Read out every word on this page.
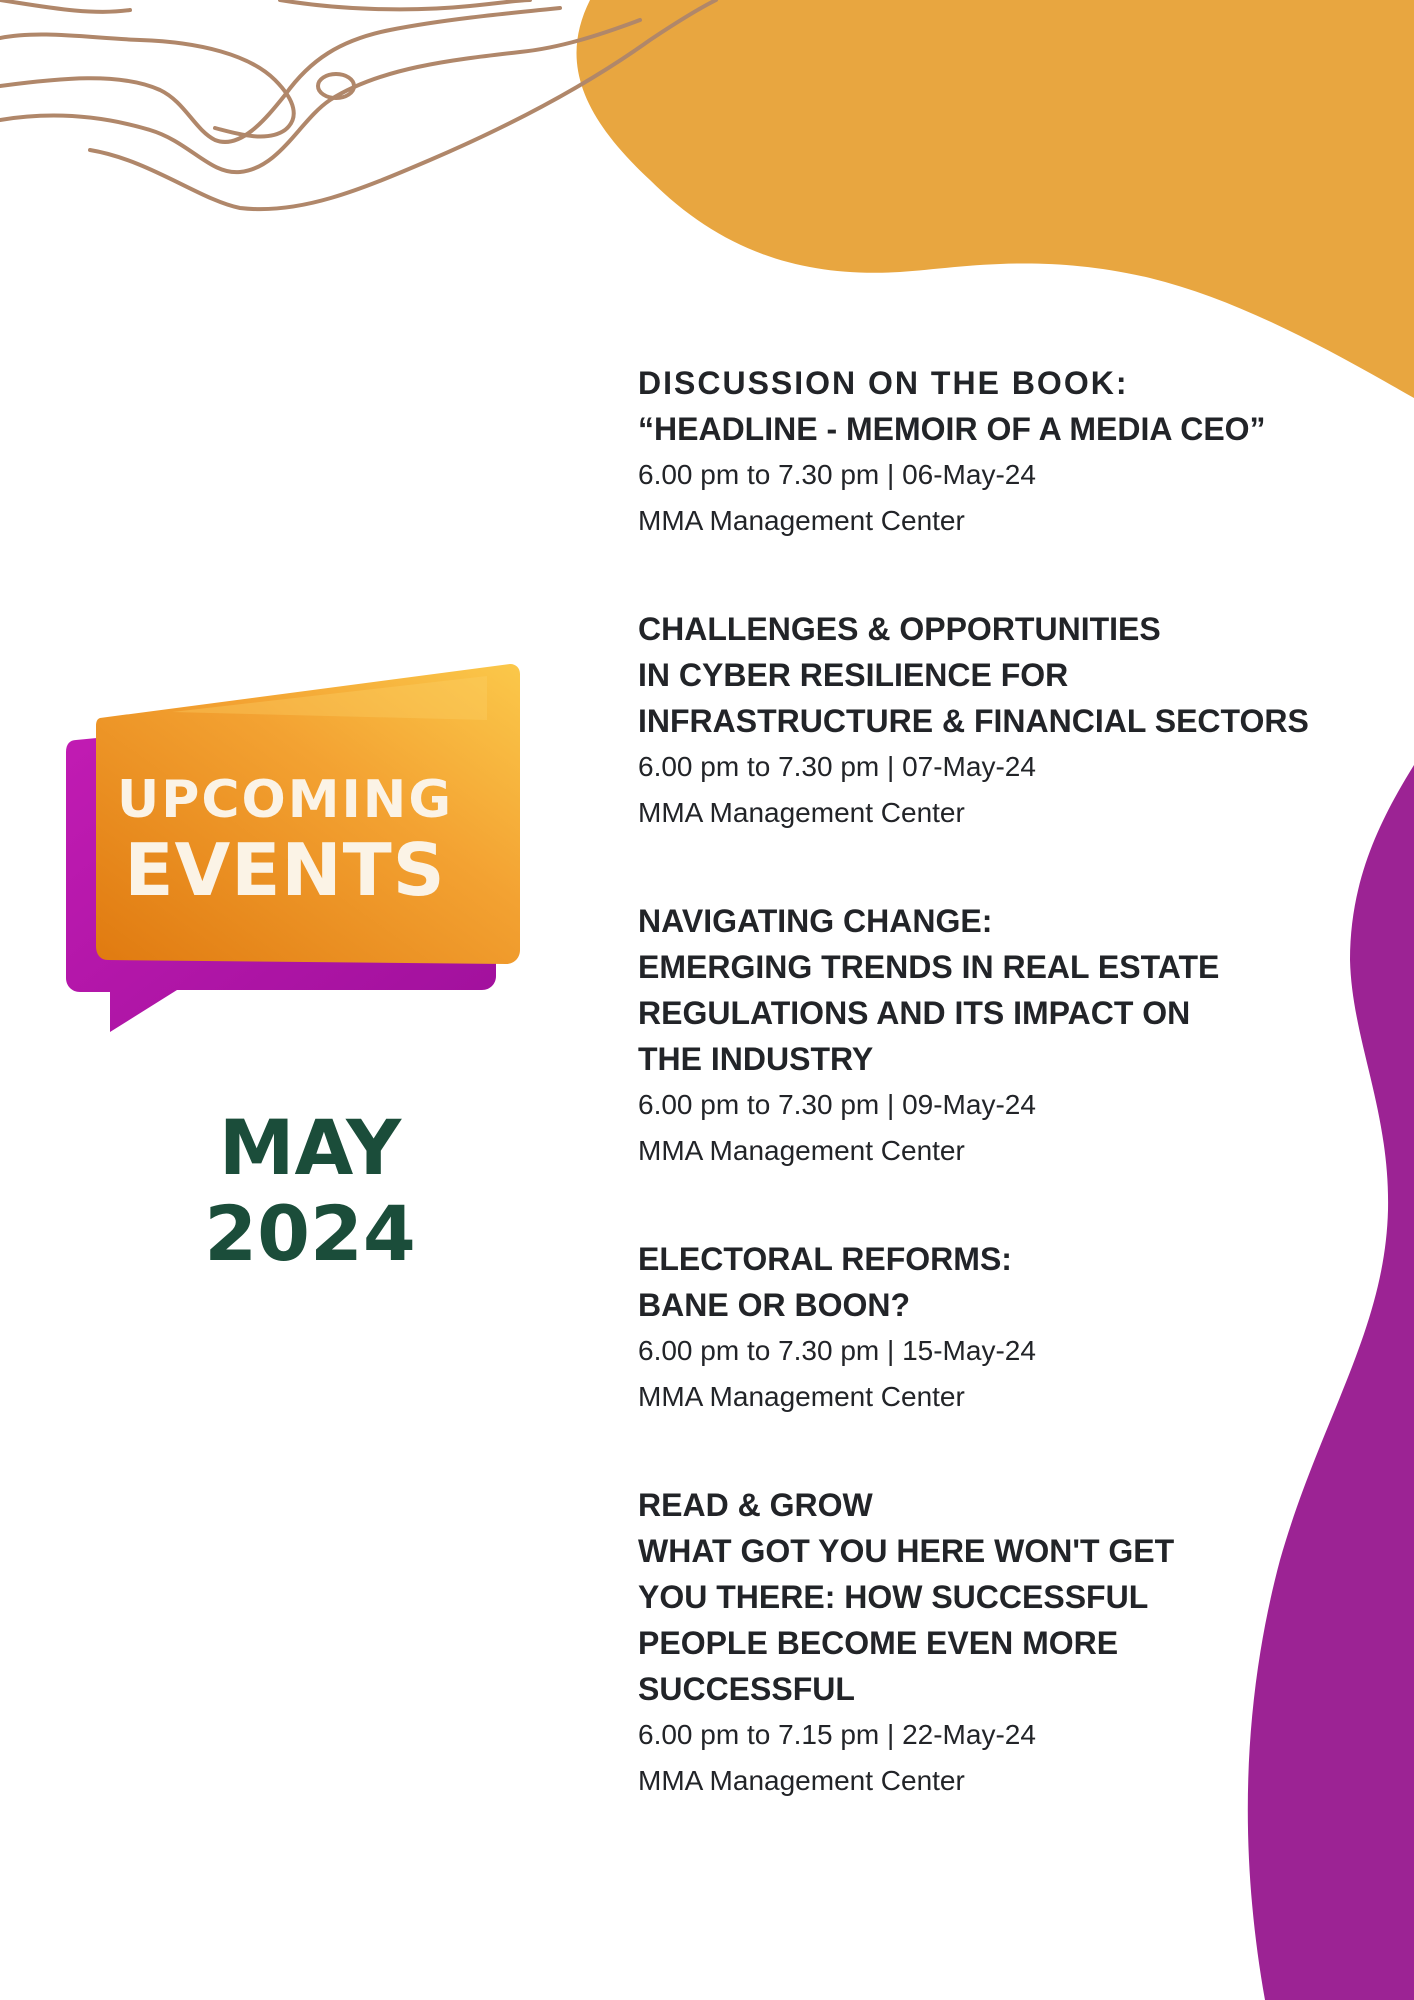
UPCOMING
EVENTS
MAY
2024
DISCUSSION ON THE BOOK:
“HEADLINE - MEMOIR OF A MEDIA CEO”
6.00 pm to 7.30 pm | 06-May-24
MMA Management Center
CHALLENGES & OPPORTUNITIES
IN CYBER RESILIENCE FOR
INFRASTRUCTURE & FINANCIAL SECTORS
6.00 pm to 7.30 pm | 07-May-24
MMA Management Center
NAVIGATING CHANGE:
EMERGING TRENDS IN REAL ESTATE
REGULATIONS AND ITS IMPACT ON
THE INDUSTRY
6.00 pm to 7.30 pm | 09-May-24
MMA Management Center
ELECTORAL REFORMS:
BANE OR BOON?
6.00 pm to 7.30 pm | 15-May-24
MMA Management Center
READ & GROW
WHAT GOT YOU HERE WON'T GET
YOU THERE: HOW SUCCESSFUL
PEOPLE BECOME EVEN MORE
SUCCESSFUL
6.00 pm to 7.15 pm | 22-May-24
MMA Management Center
